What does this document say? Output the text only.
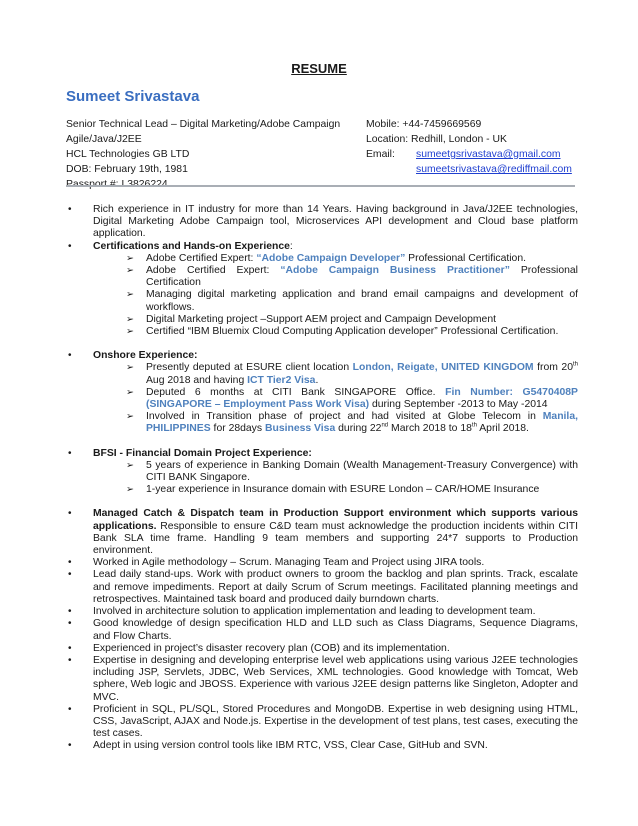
RESUME
Sumeet Srivastava
Senior Technical Lead – Digital Marketing/Adobe Campaign
Agile/Java/J2EE
HCL Technologies GB LTD
DOB: February 19th, 1981
Passport #: L3826224
Mobile: +44-7459669569
Location: Redhill, London - UK
Email: sumeetgsrivastava@gmail.com
sumeetsrivastava@rediffmail.com
• Rich experience in IT industry for more than 14 Years. Having background in Java/J2EE technologies, Digital Marketing Adobe Campaign tool, Microservices API development and Cloud base platform application.
• Certifications and Hands-on Experience:
➢ Adobe Certified Expert: “Adobe Campaign Developer” Professional Certification.
➢ Adobe Certified Expert: “Adobe Campaign Business Practitioner” Professional Certification
➢ Managing digital marketing application and brand email campaigns and development of workflows.
➢ Digital Marketing project –Support AEM project and Campaign Development
➢ Certified “IBM Bluemix Cloud Computing Application developer” Professional Certification.
• Onshore Experience:
➢ Presently deputed at ESURE client location London, Reigate, UNITED KINGDOM from 20th Aug 2018 and having ICT Tier2 Visa.
➢ Deputed 6 months at CITI Bank SINGAPORE Office. Fin Number: G5470408P (SINGAPORE – Employment Pass Work Visa) during September -2013 to May -2014
➢ Involved in Transition phase of project and had visited at Globe Telecom in Manila, PHILIPPINES for 28days Business Visa during 22nd March 2018 to 18th April 2018.
• BFSI - Financial Domain Project Experience:
➢ 5 years of experience in Banking Domain (Wealth Management-Treasury Convergence) with CITI BANK Singapore.
➢ 1-year experience in Insurance domain with ESURE London – CAR/HOME Insurance
• Managed Catch & Dispatch team in Production Support environment which supports various applications. Responsible to ensure C&D team must acknowledge the production incidents within CITI Bank SLA time frame. Handling 9 team members and supporting 24*7 supports to Production environment.
• Worked in Agile methodology – Scrum. Managing Team and Project using JIRA tools.
• Lead daily stand-ups. Work with product owners to groom the backlog and plan sprints. Track, escalate and remove impediments. Report at daily Scrum of Scrum meetings. Facilitated planning meetings and retrospectives. Maintained task board and produced daily burndown charts.
• Involved in architecture solution to application implementation and leading to development team.
• Good knowledge of design specification HLD and LLD such as Class Diagrams, Sequence Diagrams, and Flow Charts.
• Experienced in project’s disaster recovery plan (COB) and its implementation.
• Expertise in designing and developing enterprise level web applications using various J2EE technologies including JSP, Servlets, JDBC, Web Services, XML technologies. Good knowledge with Tomcat, Web sphere, Web logic and JBOSS. Experience with various J2EE design patterns like Singleton, Adopter and MVC.
• Proficient in SQL, PL/SQL, Stored Procedures and MongoDB. Expertise in web designing using HTML, CSS, JavaScript, AJAX and Node.js. Expertise in the development of test plans, test cases, executing the test cases.
• Adept in using version control tools like IBM RTC, VSS, Clear Case, GitHub and SVN.
